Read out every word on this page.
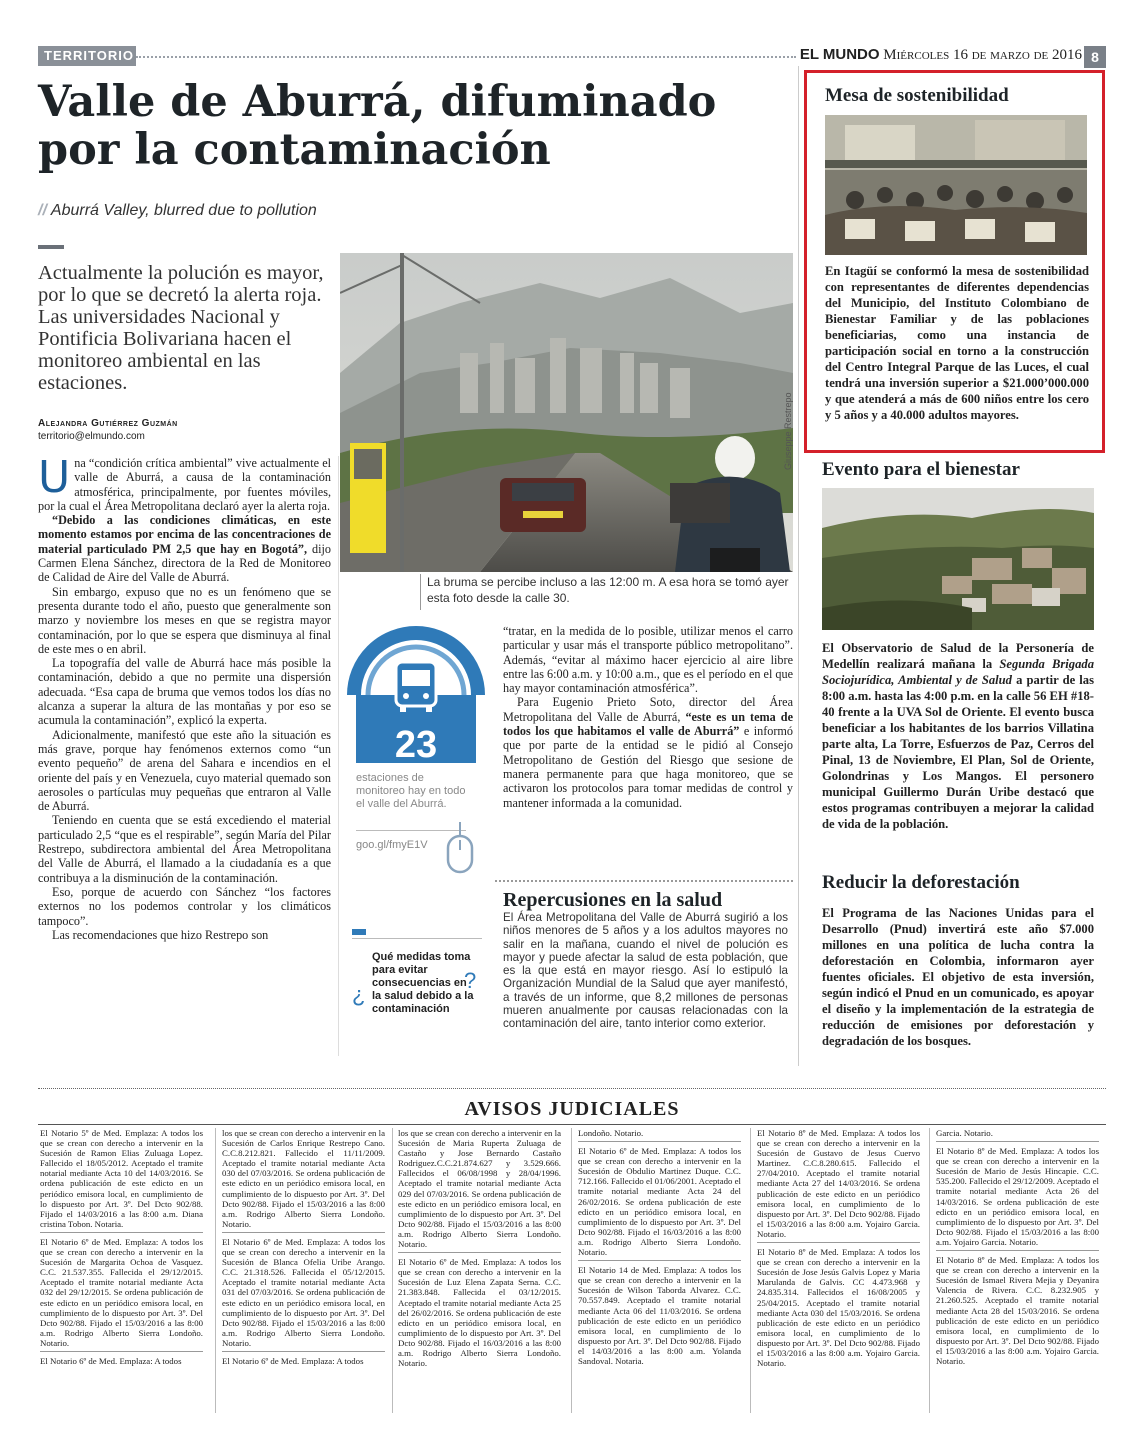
TERRITORIO	EL MUNDO Miércoles 16 de marzo de 2016 8
Valle de Aburrá, difuminado por la contaminación
// Aburrá Valley, blurred due to pollution
Actualmente la polución es mayor, por lo que se decretó la alerta roja. Las universidades Nacional y Pontificia Bolivariana hacen el monitoreo ambiental en las estaciones.
Alejandra Gutiérrez Guzmán
territorio@elmundo.com

Una “condición crítica ambiental” vive actualmente el valle de Aburrá, a causa de la contaminación atmosférica, principalmente, por fuentes móviles, por la cual el Área Metropolitana declaró ayer la alerta roja.

“Debido a las condiciones climáticas, en este momento estamos por encima de las concentraciones de material particulado PM 2,5 que hay en Bogotá”, dijo Carmen Elena Sánchez, directora de la Red de Monitoreo de Calidad de Aire del Valle de Aburrá.

Sin embargo, expuso que no es un fenómeno que se presenta durante todo el año, puesto que generalmente son marzo y noviembre los meses en que se registra mayor contaminación, por lo que se espera que disminuya al final de este mes o en abril.

La topografía del valle de Aburrá hace más posible la contaminación, debido a que no permite una dispersión adecuada. “Esa capa de bruma que vemos todos los días no alcanza a superar la altura de las montañas y por eso se acumula la contaminación”, explicó la experta.

Adicionalmente, manifestó que este año la situación es más grave, porque hay fenómenos externos como “un evento pequeño” de arena del Sahara e incendios en el oriente del país y en Venezuela, cuyo material quemado son aerosoles o partículas muy pequeñas que entraron al Valle de Aburrá.

Teniendo en cuenta que se está excediendo el material particulado 2,5 “que es el respirable”, según María del Pilar Restrepo, subdirectora ambiental del Área Metropolitana del Valle de Aburrá, el llamado a la ciudadanía es a que contribuya a la disminución de la contaminación.

Eso, porque de acuerdo con Sánchez “los factores externos no los podemos controlar y los climáticos tampoco”.

Las recomendaciones que hizo Restrepo son

Giuseppe Restrepo
La bruma se percibe incluso a las 12:00 m. A esa hora se tomó ayer esta foto desde la calle 30.
23
estaciones de monitoreo hay en todo el valle del Aburrá.
goo.gl/fmyE1V
¿
?
Qué medidas toma para evitar consecuencias en la salud debido a la contaminación

“tratar, en la medida de lo posible, utilizar menos el carro particular y usar más el transporte público metropolitano”. Además, “evitar al máximo hacer ejercicio al aire libre entre las 6:00 a.m. y 10:00 a.m., que es el período en el que hay mayor contaminación atmosférica”.

Para Eugenio Prieto Soto, director del Área Metropolitana del Valle de Aburrá, “este es un tema de todos los que habitamos el valle de Aburrá” e informó que por parte de la entidad se le pidió al Consejo Metropolitano de Gestión del Riesgo que sesione de manera permanente para que haga monitoreo, que se activaron los protocolos para tomar medidas de control y mantener informada a la comunidad.

Repercusiones en la salud
El Área Metropolitana del Valle de Aburrá sugirió a los niños menores de 5 años y a los adultos mayores no salir en la mañana, cuando el nivel de polución es mayor y puede afectar la salud de esta población, que es la que está en mayor riesgo. Así lo estipuló la Organización Mundial de la Salud que ayer manifestó, a través de un informe, que 8,2 millones de personas mueren anualmente por causas relacionadas con la contaminación del aire, tanto interior como exterior.
Mesa de sostenibilidad
En Itagüí se conformó la mesa de sostenibilidad con representantes de diferentes dependencias del Municipio, del Instituto Colombiano de Bienestar Familiar y de las poblaciones beneficiarias, como una instancia de participación social en torno a la construcción del Centro Integral Parque de las Luces, el cual tendrá una inversión superior a $21.000’000.000 y que atenderá a más de 600 niños entre los cero y 5 años y a 40.000 adultos mayores.
Evento para el bienestar
El Observatorio de Salud de la Personería de Medellín realizará mañana la Segunda Brigada Sociojurídica, Ambiental y de Salud a partir de las 8:00 a.m. hasta las 4:00 p.m. en la calle 56 EH #18-40 frente a la UVA Sol de Oriente. El evento busca beneficiar a los habitantes de los barrios Villatina parte alta, La Torre, Esfuerzos de Paz, Cerros del Pinal, 13 de Noviembre, El Plan, Sol de Oriente, Golondrinas y Los Mangos. El personero municipal Guillermo Durán Uribe destacó que estos programas contribuyen a mejorar la calidad de vida de la población.
Reducir la deforestación
El Programa de las Naciones Unidas para el Desarrollo (Pnud) invertirá este año $7.000 millones en una política de lucha contra la deforestación en Colombia, informaron ayer fuentes oficiales. El objetivo de esta inversión, según indicó el Pnud en un comunicado, es apoyar el diseño y la implementación de la estrategia de reducción de emisiones por deforestación y degradación de los bosques.
AVISOS JUDICIALES

El Notario 5º de Med. Emplaza: A todos los que se crean con derecho a intervenir en la Sucesión de Ramon Elias Zuluaga Lopez. Fallecido el 18/05/2012. Aceptado el tramite notarial mediante Acta 10 del 14/03/2016. Se ordena publicación de este edicto en un periódico emisora local, en cumplimiento de lo dispuesto por Art. 3º. Del Dcto 902/88. Fijado el 14/03/2016 a las 8:00 a.m. Diana cristina Tobon. Notaria.

El Notario 6º de Med. Emplaza: A todos los que se crean con derecho a intervenir en la Sucesión de Margarita Ochoa de Vasquez. C.C. 21.537.355. Fallecida el 29/12/2015. Aceptado el tramite notarial mediante Acta 032 del 29/12/2015. Se ordena publicación de este edicto en un periódico emisora local, en cumplimiento de lo dispuesto por Art. 3º. Del Dcto 902/88. Fijado el 15/03/2016 a las 8:00 a.m. Rodrigo Alberto Sierra Londoño. Notario.

El Notario 6º de Med. Emplaza: A todos

los que se crean con derecho a intervenir en la Sucesión de Carlos Enrique Restrepo Cano. C.C.8.212.821. Fallecido el 11/11/2009. Aceptado el tramite notarial mediante Acta 030 del 07/03/2016. Se ordena publicación de este edicto en un periódico emisora local, en cumplimiento de lo dispuesto por Art. 3º. Del Dcto 902/88. Fijado el 15/03/2016 a las 8:00 a.m. Rodrigo Alberto Sierra Londoño. Notario.

El Notario 6º de Med. Emplaza: A todos los que se crean con derecho a intervenir en la Sucesión de Blanca Ofelia Uribe Arango. C.C. 21.318.526. Fallecida el 05/12/2015. Aceptado el tramite notarial mediante Acta 031 del 07/03/2016. Se ordena publicación de este edicto en un periódico emisora local, en cumplimiento de lo dispuesto por Art. 3º. Del Dcto 902/88. Fijado el 15/03/2016 a las 8:00 a.m. Rodrigo Alberto Sierra Londoño. Notario.

El Notario 6º de Med. Emplaza: A todos

los que se crean con derecho a intervenir en la Sucesión de Maria Ruperta Zuluaga de Castaño y Jose Bernardo Castaño Rodriguez.C.C.21.874.627 y 3.529.666. Fallecidos el 06/08/1998 y 28/04/1996. Aceptado el tramite notarial mediante Acta 029 del 07/03/2016. Se ordena publicación de este edicto en un periódico emisora local, en cumplimiento de lo dispuesto por Art. 3º. Del Dcto 902/88. Fijado el 15/03/2016 a las 8:00 a.m. Rodrigo Alberto Sierra Londoño. Notario.

El Notario 6º de Med. Emplaza: A todos los que se crean con derecho a intervenir en la Sucesión de Luz Elena Zapata Serna. C.C. 21.383.848. Fallecida el 03/12/2015. Aceptado el tramite notarial mediante Acta 25 del 26/02/2016. Se ordena publicación de este edicto en un periódico emisora local, en cumplimiento de lo dispuesto por Art. 3º. Del Dcto 902/88. Fijado el 16/03/2016 a las 8:00 a.m. Rodrigo Alberto Sierra Londoño. Notario.

Londoño. Notario.

El Notario 6º de Med. Emplaza: A todos los que se crean con derecho a intervenir en la Sucesión de Obdulio Martinez Duque. C.C. 712.166. Fallecido el 01/06/2001. Aceptado el tramite notarial mediante Acta 24 del 26/02/2016. Se ordena publicación de este edicto en un periódico emisora local, en cumplimiento de lo dispuesto por Art. 3º. Del Dcto 902/88. Fijado el 16/03/2016 a las 8:00 a.m. Rodrigo Alberto Sierra Londoño. Notario.

El Notario 14 de Med. Emplaza: A todos los que se crean con derecho a intervenir en la Sucesión de Wilson Taborda Alvarez. C.C. 70.557.849. Aceptado el tramite notarial mediante Acta 06 del 11/03/2016. Se ordena publicación de este edicto en un periódico emisora local, en cumplimiento de lo dispuesto por Art. 3º. Del Dcto 902/88. Fijado el 14/03/2016 a las 8:00 a.m. Yolanda Sandoval. Notaria.

El Notario 8º de Med. Emplaza: A todos los que se crean con derecho a intervenir en la Sucesión de Gustavo de Jesus Cuervo Martinez. C.C.8.280.615. Fallecido el 27/04/2010. Aceptado el tramite notarial mediante Acta 27 del 14/03/2016. Se ordena publicación de este edicto en un periódico emisora local, en cumplimiento de lo dispuesto por Art. 3º. Del Dcto 902/88. Fijado el 15/03/2016 a las 8:00 a.m. Yojairo Garcia. Notario.

El Notario 8º de Med. Emplaza: A todos los que se crean con derecho a intervenir en la Sucesión de Jose Jesús Galvis Lopez y Maria Marulanda de Galvis. CC 4.473.968 y 24.835.314. Fallecidos el 16/08/2005 y 25/04/2015. Aceptado el tramite notarial mediante Acta 030 del 15/03/2016. Se ordena publicación de este edicto en un periódico emisora local, en cumplimiento de lo dispuesto por Art. 3º. Del Dcto 902/88. Fijado el 15/03/2016 a las 8:00 a.m. Yojairo Garcia. Notario.

Garcia. Notario.

El Notario 8º de Med. Emplaza: A todos los que se crean con derecho a intervenir en la Sucesión de Mario de Jesús Hincapie. C.C. 535.200. Fallecido el 29/12/2009. Aceptado el tramite notarial mediante Acta 26 del 14/03/2016. Se ordena publicación de este edicto en un periódico emisora local, en cumplimiento de lo dispuesto por Art. 3º. Del Dcto 902/88. Fijado el 15/03/2016 a las 8:00 a.m. Yojairo Garcia. Notario.

El Notario 8º de Med. Emplaza: A todos los que se crean con derecho a intervenir en la Sucesión de Ismael Rivera Mejia y Deyanira Valencia de Rivera. C.C. 8.232.905 y 21.260.525. Aceptado el tramite notarial mediante Acta 28 del 15/03/2016. Se ordena publicación de este edicto en un periódico emisora local, en cumplimiento de lo dispuesto por Art. 3º. Del Dcto 902/88. Fijado el 15/03/2016 a las 8:00 a.m. Yojairo Garcia. Notario.
